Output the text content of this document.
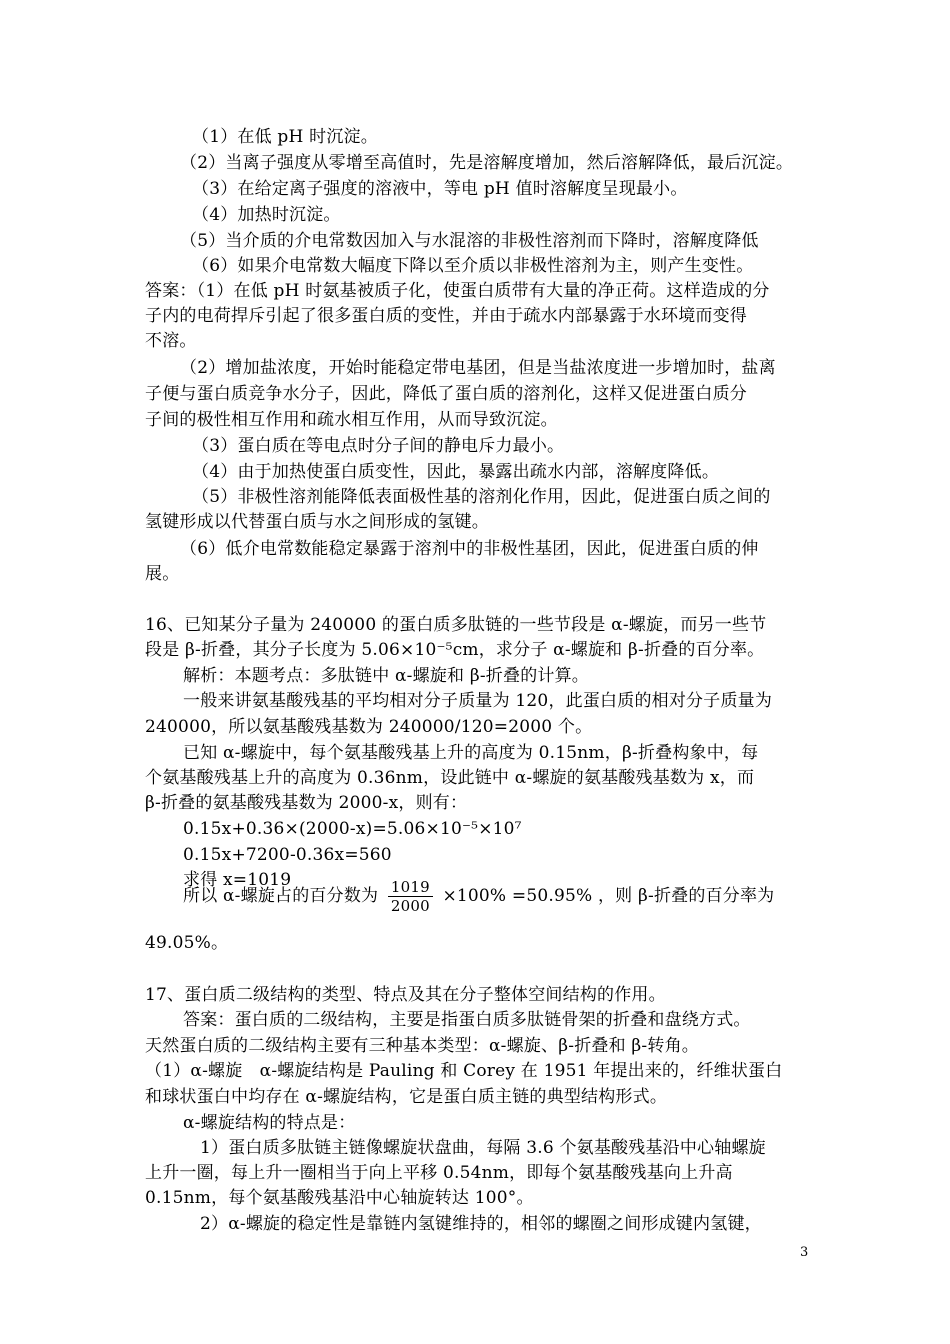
（1）在低 pH 时沉淀。
（2）当离子强度从零增至高值时，先是溶解度增加，然后溶解降低，最后沉淀。
（3）在给定离子强度的溶液中，等电 pH 值时溶解度呈现最小。
（4）加热时沉淀。
（5）当介质的介电常数因加入与水混溶的非极性溶剂而下降时，溶解度降低
（6）如果介电常数大幅度下降以至介质以非极性溶剂为主，则产生变性。
答案：（1）在低 pH 时氨基被质子化，使蛋白质带有大量的净正荷。这样造成的分
子内的电荷捍斥引起了很多蛋白质的变性，并由于疏水内部暴露于水环境而变得
不溶。
（2）增加盐浓度，开始时能稳定带电基团，但是当盐浓度进一步增加时，盐离
子便与蛋白质竞争水分子，因此，降低了蛋白质的溶剂化，这样又促进蛋白质分
子间的极性相互作用和疏水相互作用，从而导致沉淀。
（3）蛋白质在等电点时分子间的静电斥力最小。
（4）由于加热使蛋白质变性，因此，暴露出疏水内部，溶解度降低。
（5）非极性溶剂能降低表面极性基的溶剂化作用，因此，促进蛋白质之间的
氢键形成以代替蛋白质与水之间形成的氢键。
（6）低介电常数能稳定暴露于溶剂中的非极性基团，因此，促进蛋白质的伸
展。
16、已知某分子量为 240000 的蛋白质多肽链的一些节段是 α-螺旋，而另一些节
段是 β-折叠，其分子长度为 5.06×10⁻⁵cm，求分子 α-螺旋和 β-折叠的百分率。
解析：本题考点：多肽链中 α-螺旋和 β-折叠的计算。
一般来讲氨基酸残基的平均相对分子质量为 120，此蛋白质的相对分子质量为
240000，所以氨基酸残基数为 240000/120=2000 个。
已知 α-螺旋中，每个氨基酸残基上升的高度为 0.15nm，β-折叠构象中，每
个氨基酸残基上升的高度为 0.36nm，设此链中 α-螺旋的氨基酸残基数为 x，而
β-折叠的氨基酸残基数为 2000-x，则有：
0.15x+0.36×(2000-x)=5.06×10⁻⁵×10⁷
0.15x+7200-0.36x=560
求得 x=1019
49.05%。
17、蛋白质二级结构的类型、特点及其在分子整体空间结构的作用。
答案：蛋白质的二级结构，主要是指蛋白质多肽链骨架的折叠和盘绕方式。
天然蛋白质的二级结构主要有三种基本类型：α-螺旋、β-折叠和 β-转角。
（1）α-螺旋　α-螺旋结构是 Pauling 和 Corey 在 1951 年提出来的，纤维状蛋白
和球状蛋白中均存在 α-螺旋结构，它是蛋白质主链的典型结构形式。
α-螺旋结构的特点是：
1）蛋白质多肽链主链像螺旋状盘曲，每隔 3.6 个氨基酸残基沿中心轴螺旋
上升一圈，每上升一圈相当于向上平移 0.54nm，即每个氨基酸残基向上升高
0.15nm，每个氨基酸残基沿中心轴旋转达 100°。
2）α-螺旋的稳定性是靠链内氢键维持的，相邻的螺圈之间形成键内氢键，
所以 α-螺旋占的百分数为 $\frac{1019}{2000} \times 100\% =50.95\%$ ，则 β-折叠的百分率为
3
